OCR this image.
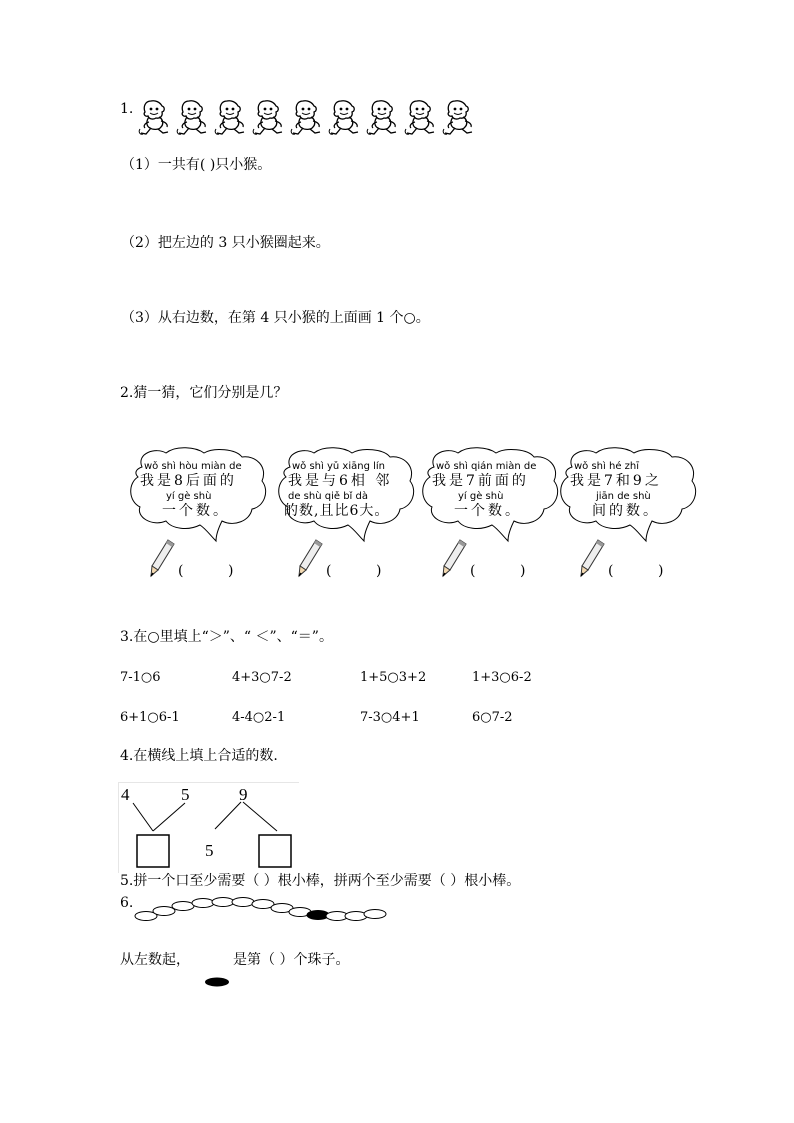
1.
（1）一共有( )只小猴。
（2）把左边的 3 只小猴圈起来。
（3）从右边数，在第 4 只小猴的上面画 1 个○。
2.猜一猜，它们分别是几？
wǒ shì hòu miàn de
我是8后面的
yí gè shù
一个数。
(          )
wǒ shì yǔ xiāng lín
我是与6相 邻
de shù qiě bǐ dà
的数,且比6大。
(          )
wǒ shì qián miàn de
我是7前面的
yí gè shù
一个数。
(          )
wǒ shì hé zhī
我是7和9之
jiān de shù
间的数。
(          )
3.在○里填上“＞”、“ ＜”、“＝”。
7-1○6	4+3○7-2	1+5○3+2	1+3○6-2
6+1○6-1	4-4○2-1	7-3○4+1	6○7-2
4.在横线上填上合适的数.
4	5	9
5
5.拼一个口至少需要（ ）根小棒，拼两个至少需要（ ）根小棒。
6.
从左数起，	是第（ ）个珠子。
